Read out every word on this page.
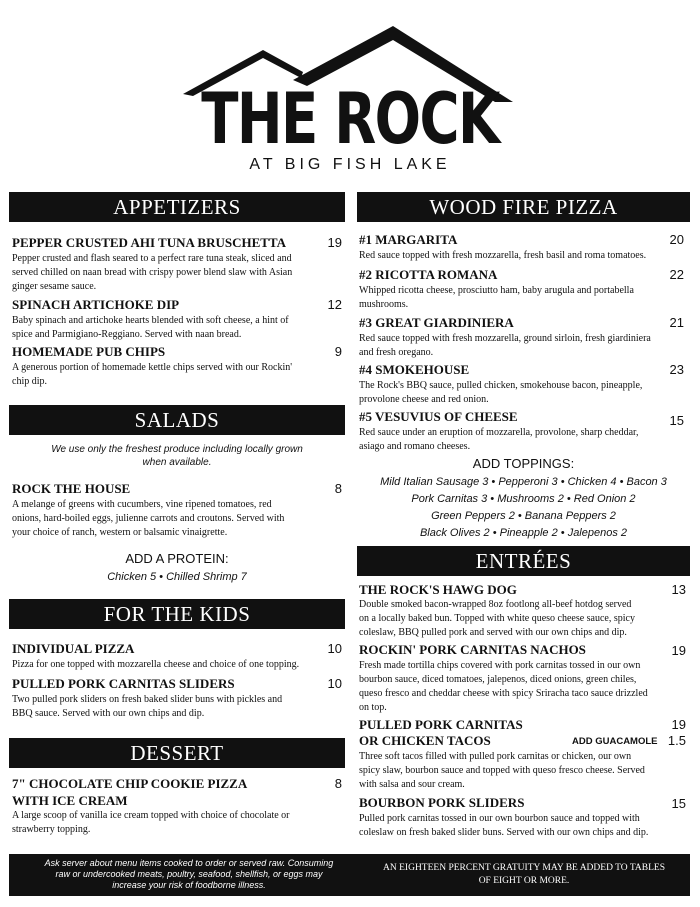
THE ROCK
AT BIG FISH LAKE
APPETIZERS
PEPPER CRUSTED AHI TUNA BRUSCHETTA	19
Pepper crusted and flash seared to a perfect rare tuna steak, sliced and
served chilled on naan bread with crispy power blend slaw with Asian
ginger sesame sauce.
SPINACH ARTICHOKE DIP	12
Baby spinach and artichoke hearts blended with soft cheese, a hint of
spice and Parmigiano-Reggiano. Served with naan bread.
HOMEMADE PUB CHIPS	9
A generous portion of homemade kettle chips served with our Rockin'
chip dip.
SALADS
We use only the freshest produce including locally grown
when available.
ROCK THE HOUSE	8
A melange of greens with cucumbers, vine ripened tomatoes, red
onions, hard-boiled eggs, julienne carrots and croutons. Served with
your choice of ranch, western or balsamic vinaigrette.
ADD A PROTEIN:
Chicken 5 • Chilled Shrimp 7
FOR THE KIDS
INDIVIDUAL PIZZA	10
Pizza for one topped with mozzarella cheese and choice of one topping.
PULLED PORK CARNITAS SLIDERS	10
Two pulled pork sliders on fresh baked slider buns with pickles and
BBQ sauce. Served with our own chips and dip.
DESSERT
7" CHOCOLATE CHIP COOKIE PIZZA	8
WITH ICE CREAM
A large scoop of vanilla ice cream topped with choice of chocolate or
strawberry topping.
WOOD FIRE PIZZA
#1 MARGARITA	20
Red sauce topped with fresh mozzarella, fresh basil and roma tomatoes.
#2 RICOTTA ROMANA	22
Whipped ricotta cheese, prosciutto ham, baby arugula and portabella
mushrooms.
#3 GREAT GIARDINIERA	21
Red sauce topped with fresh mozzarella, ground sirloin, fresh giardiniera
and fresh oregano.
#4 SMOKEHOUSE	23
The Rock's BBQ sauce, pulled chicken, smokehouse bacon, pineapple,
provolone cheese and red onion.
#5 VESUVIUS OF CHEESE	15
Red sauce under an eruption of mozzarella, provolone, sharp cheddar,
asiago and romano cheeses.
ADD TOPPINGS:
Mild Italian Sausage 3 • Pepperoni 3 • Chicken 4 • Bacon 3
Pork Carnitas 3 • Mushrooms 2 • Red Onion 2
Green Peppers 2 • Banana Peppers 2
Black Olives 2 • Pineapple 2 • Jalepenos 2
ENTRÉES
THE ROCK'S HAWG DOG	13
Double smoked bacon-wrapped 8oz footlong all-beef hotdog served
on a locally baked bun. Topped with white queso cheese sauce, spicy
coleslaw, BBQ pulled pork and served with our own chips and dip.
ROCKIN' PORK CARNITAS NACHOS	19
Fresh made tortilla chips covered with pork carnitas tossed in our own
bourbon sauce, diced tomatoes, jalepenos, diced onions, green chiles,
queso fresco and cheddar cheese with spicy Sriracha taco sauce drizzled
on top.
PULLED PORK CARNITAS	19
OR CHICKEN TACOS	ADD GUACAMOLE 1.5
Three soft tacos filled with pulled pork carnitas or chicken, our own
spicy slaw, bourbon sauce and topped with queso fresco cheese. Served
with salsa and sour cream.
BOURBON PORK SLIDERS	15
Pulled pork carnitas tossed in our own bourbon sauce and topped with
coleslaw on fresh baked slider buns. Served with our own chips and dip.
Ask server about menu items cooked to order or served raw. Consuming
raw or undercooked meats, poultry, seafood, shellfish, or eggs may
increase your risk of foodborne illness.
AN EIGHTEEN PERCENT GRATUITY MAY BE ADDED TO TABLES
OF EIGHT OR MORE.
